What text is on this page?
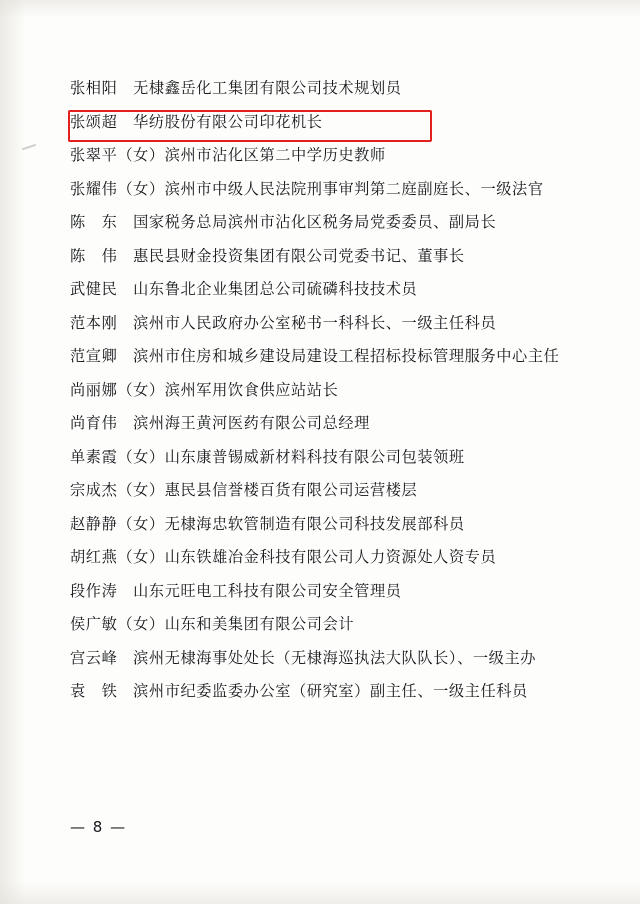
张相阳　无棣鑫岳化工集团有限公司技术规划员
张颂超　华纺股份有限公司印花机长
张翠平（女）滨州市沾化区第二中学历史教师
张耀伟（女）滨州市中级人民法院刑事审判第二庭副庭长、一级法官
陈　东　国家税务总局滨州市沾化区税务局党委委员、副局长
陈　伟　惠民县财金投资集团有限公司党委书记、董事长
武健民　山东鲁北企业集团总公司硫磷科技技术员
范本刚　滨州市人民政府办公室秘书一科科长、一级主任科员
范宣卿　滨州市住房和城乡建设局建设工程招标投标管理服务中心主任
尚丽娜（女）滨州军用饮食供应站站长
尚育伟　滨州海王黄河医药有限公司总经理
单素霞（女）山东康普锡威新材料科技有限公司包装领班
宗成杰（女）惠民县信誉楼百货有限公司运营楼层
赵静静（女）无棣海忠软管制造有限公司科技发展部科员
胡红燕（女）山东铁雄冶金科技有限公司人力资源处人资专员
段作涛　山东元旺电工科技有限公司安全管理员
侯广敏（女）山东和美集团有限公司会计
宫云峰　滨州无棣海事处处长（无棣海巡执法大队队长）、一级主办
袁　铁　滨州市纪委监委办公室（研究室）副主任、一级主任科员
— 8 —
